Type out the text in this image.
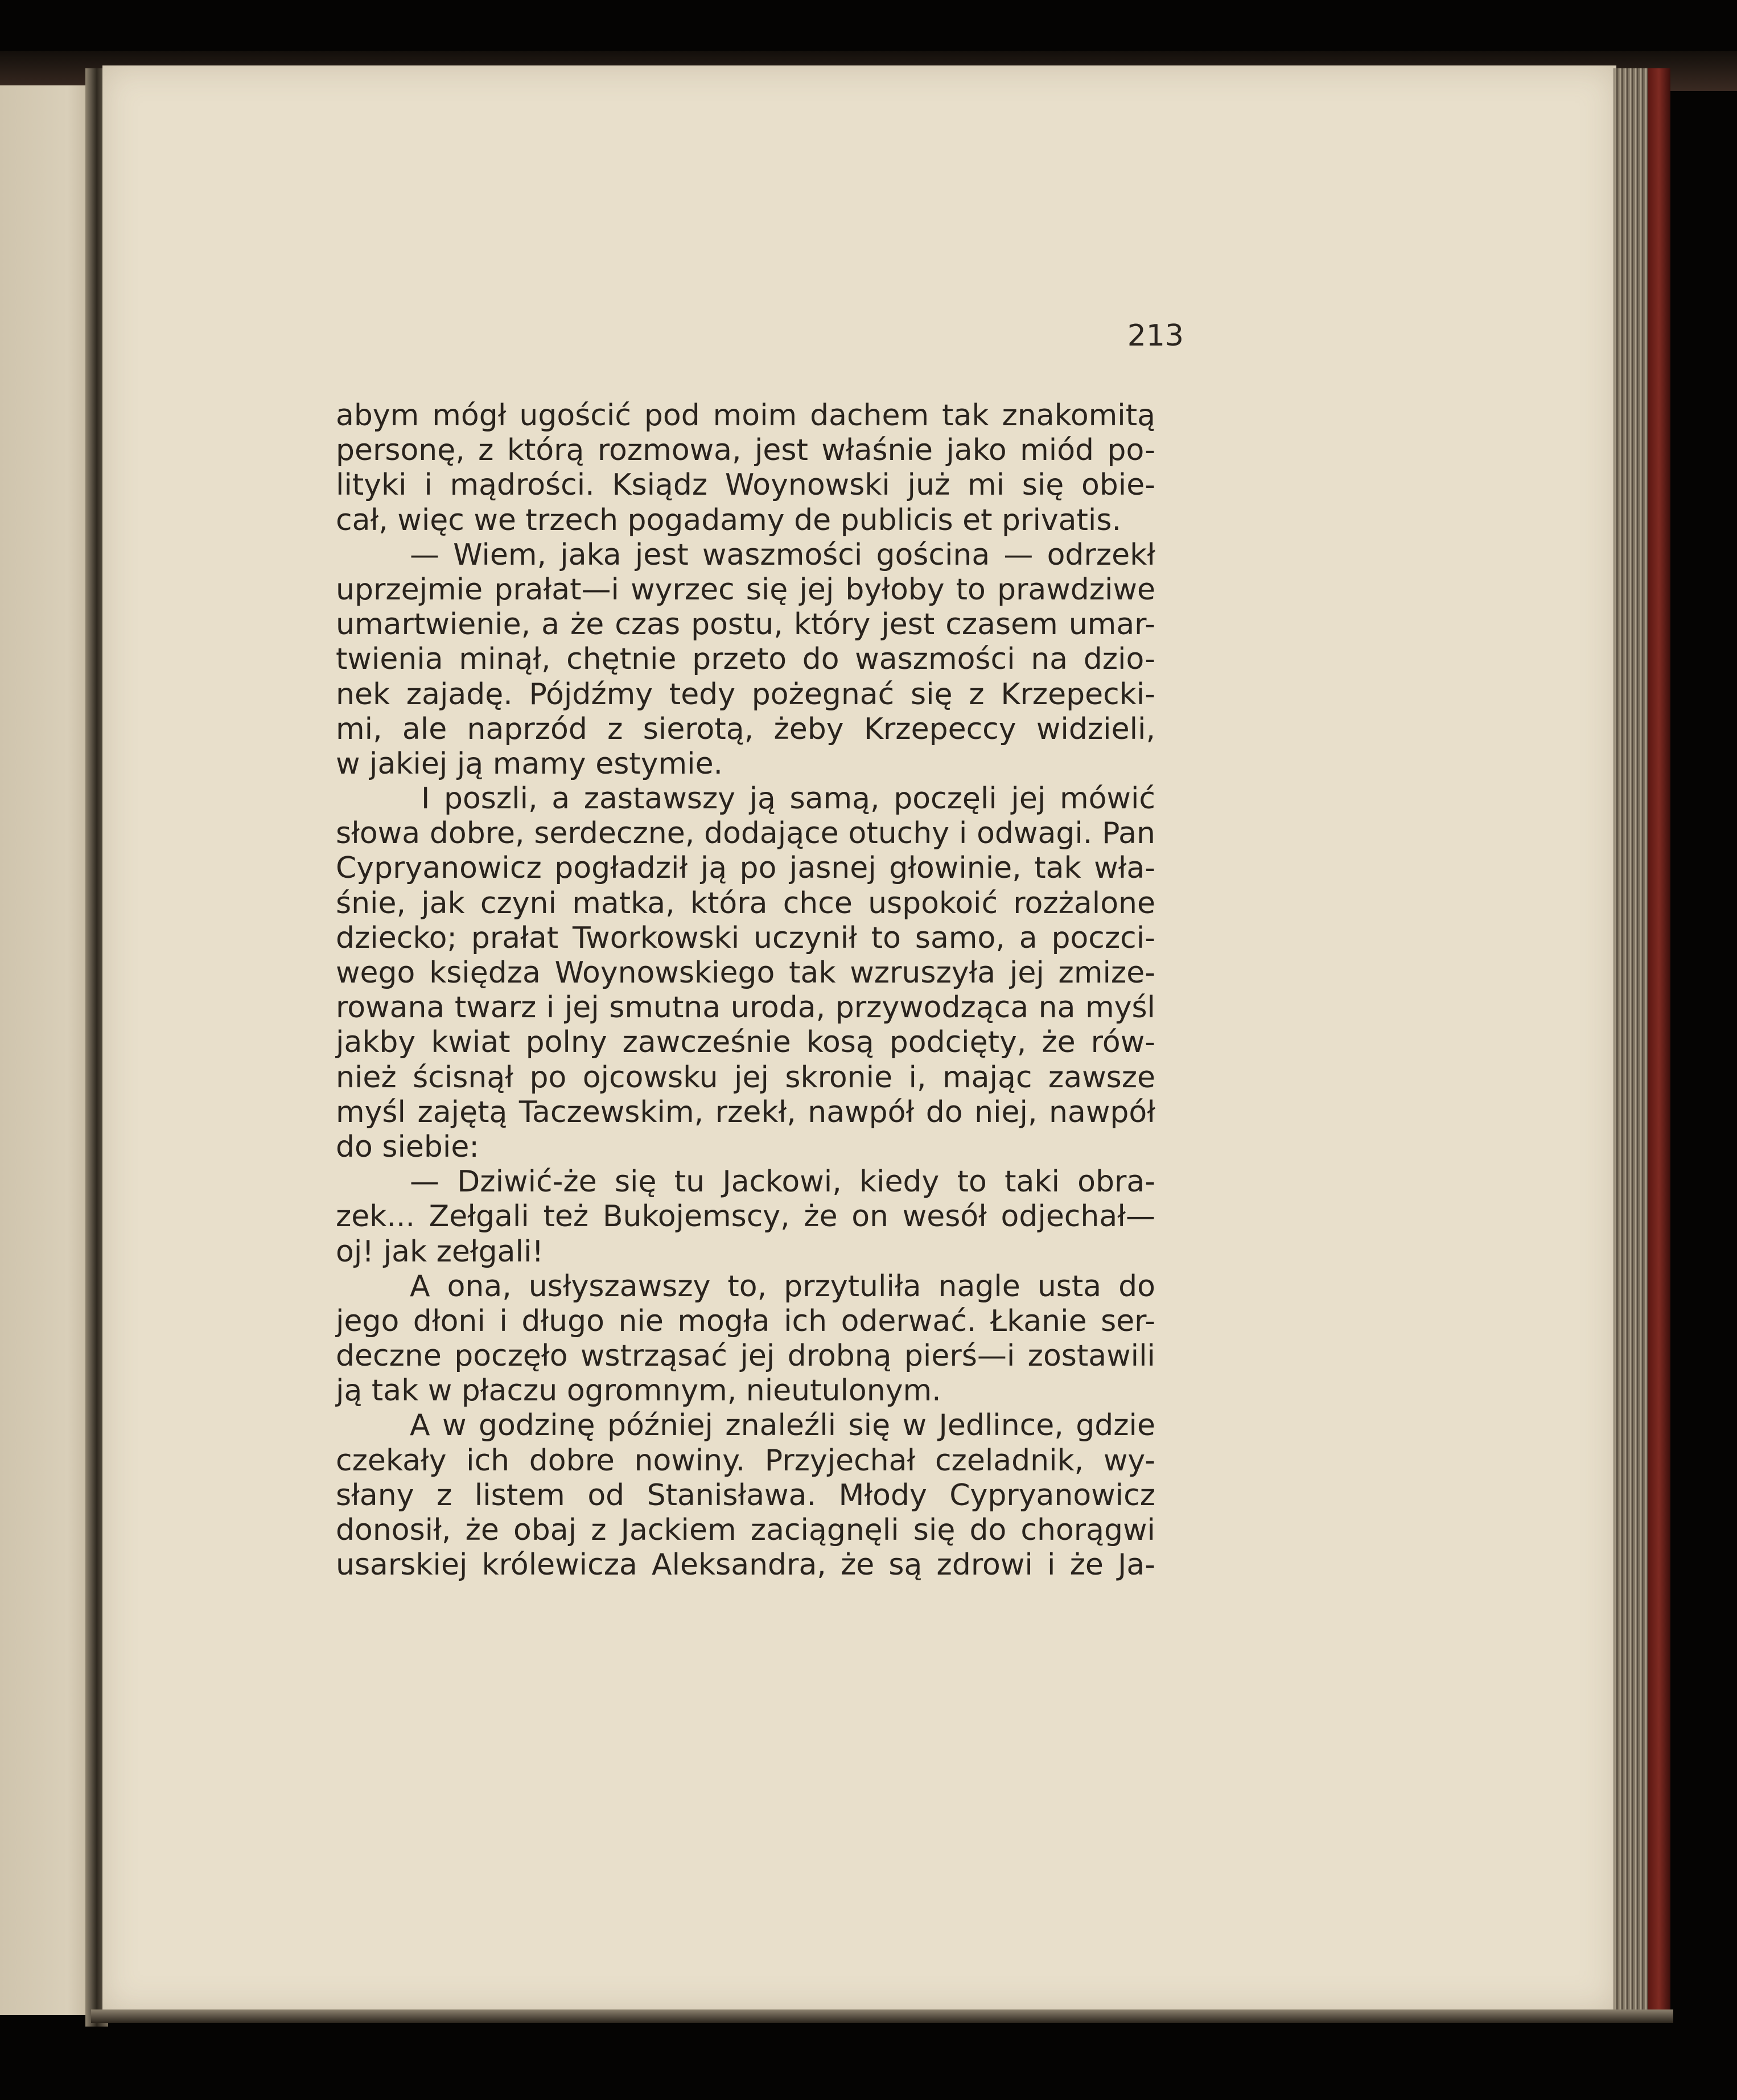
213
abym mógł ugościć pod moim dachem tak znakomitą
personę, z którą rozmowa, jest właśnie jako miód po-
lityki i mądrości. Ksiądz Woynowski już mi się obie-
cał, więc we trzech pogadamy de publicis et privatis.
— Wiem, jaka jest waszmości gościna — odrzekł
uprzejmie prałat—i wyrzec się jej byłoby to prawdziwe
umartwienie, a że czas postu, który jest czasem umar-
twienia minął, chętnie przeto do waszmości na dzio-
nek zajadę. Pójdźmy tedy pożegnać się z Krzepecki-
mi, ale naprzód z sierotą, żeby Krzepeccy widzieli,
w jakiej ją mamy estymie.
I poszli, a zastawszy ją samą, poczęli jej mówić
słowa dobre, serdeczne, dodające otuchy i odwagi. Pan
Cypryanowicz pogładził ją po jasnej głowinie, tak wła-
śnie, jak czyni matka, która chce uspokoić rozżalone
dziecko; prałat Tworkowski uczynił to samo, a poczci-
wego księdza Woynowskiego tak wzruszyła jej zmize-
rowana twarz i jej smutna uroda, przywodząca na myśl
jakby kwiat polny zawcześnie kosą podcięty, że rów-
nież ścisnął po ojcowsku jej skronie i, mając zawsze
myśl zajętą Taczewskim, rzekł, nawpół do niej, nawpół
do siebie:
— Dziwić-że się tu Jackowi, kiedy to taki obra-
zek... Zełgali też Bukojemscy, że on wesół odjechał—
oj! jak zełgali!
A ona, usłyszawszy to, przytuliła nagle usta do
jego dłoni i długo nie mogła ich oderwać. Łkanie ser-
deczne poczęło wstrząsać jej drobną pierś—i zostawili
ją tak w płaczu ogromnym, nieutulonym.
A w godzinę później znaleźli się w Jedlince, gdzie
czekały ich dobre nowiny. Przyjechał czeladnik, wy-
słany z listem od Stanisława. Młody Cypryanowicz
donosił, że obaj z Jackiem zaciągnęli się do chorągwi
usarskiej królewicza Aleksandra, że są zdrowi i że Ja-
